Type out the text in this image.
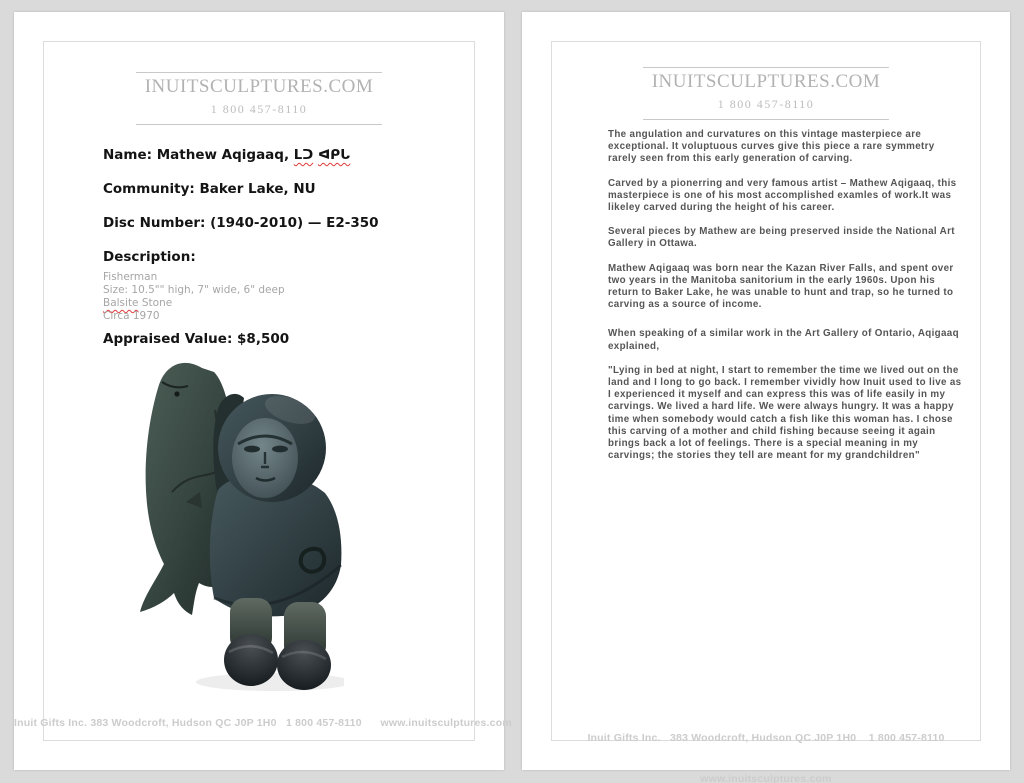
INUITSCULPTURES.COM
1 800 457-8110
Name: Mathew Aqigaaq, ᒪᑐ ᐊᑭᒐ
Community: Baker Lake, NU
Disc Number: (1940-2010) — E2-350
Description:
Fisherman
Size: 10.5"" high, 7" wide, 6" deep
Balsite Stone
Circa 1970
Appraised Value: $8,500
Inuit Gifts Inc. 383 Woodcroft, Hudson QC J0P 1H0   1 800 457-8110      www.inuitsculptures.com
INUITSCULPTURES.COM
1 800 457-8110

The angulation and curvatures on this vintage masterpiece are exceptional. It voluptuous curves give this piece a rare symmetry rarely seen from this early generation of carving.

Carved by a pionerring and very famous artist – Mathew Aqigaaq, this masterpiece is one of his most accomplished examles of work.It was likeley carved during the height of his career.

Several pieces by Mathew are being preserved inside the National Art Gallery in Ottawa.

Mathew Aqigaaq was born near the Kazan River Falls, and spent over two years in the Manitoba sanitorium in the early 1960s. Upon his return to Baker Lake, he was unable to hunt and trap, so he turned to carving as a source of income.

When speaking of a similar work in the Art Gallery of Ontario, Aqigaaq explained,

"Lying in bed at night, I start to remember the time we lived out on the land and I long to go back. I remember vividly how Inuit used to live as I experienced it myself and can express this was of life easily in my carvings. We lived a hard life. We were always hungry. It was a happy time when somebody would catch a fish like this woman has. I chose this carving of a mother and child fishing because seeing it again brings back a lot of feelings. There is a special meaning in my carvings; the stories they tell are meant for my grandchildren"

Inuit Gifts Inc.   383 Woodcroft, Hudson QC J0P 1H0    1 800 457-8110

www.inuitsculptures.com
